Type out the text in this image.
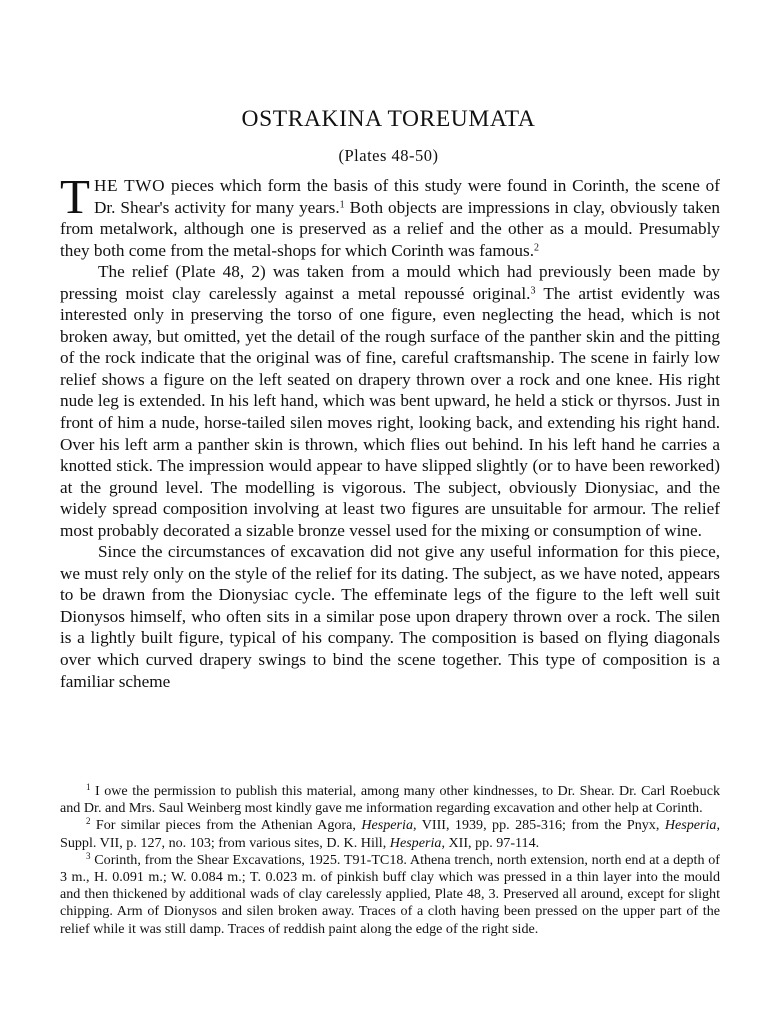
OSTRAKINA TOREUMATA
(Plates 48-50)

THE TWO pieces which form the basis of this study were found in Corinth, the scene of Dr. Shear's activity for many years.$^1$ Both objects are impressions in clay, obviously taken from metalwork, although one is preserved as a relief and the other as a mould. Presumably they both come from the metal-shops for which Corinth was famous.$^2$

The relief (Plate 48, 2) was taken from a mould which had previously been made by pressing moist clay carelessly against a metal repoussé original.$^3$ The artist evidently was interested only in preserving the torso of one figure, even neglecting the head, which is not broken away, but omitted, yet the detail of the rough surface of the panther skin and the pitting of the rock indicate that the original was of fine, careful craftsmanship. The scene in fairly low relief shows a figure on the left seated on drapery thrown over a rock and one knee. His right nude leg is extended. In his left hand, which was bent upward, he held a stick or thyrsos. Just in front of him a nude, horse-tailed silen moves right, looking back, and extending his right hand. Over his left arm a panther skin is thrown, which flies out behind. In his left hand he carries a knotted stick. The impression would appear to have slipped slightly (or to have been reworked) at the ground level. The modelling is vigorous. The subject, obviously Dionysiac, and the widely spread composition involving at least two figures are unsuitable for armour. The relief most probably decorated a sizable bronze vessel used for the mixing or consumption of wine.

Since the circumstances of excavation did not give any useful information for this piece, we must rely only on the style of the relief for its dating. The subject, as we have noted, appears to be drawn from the Dionysiac cycle. The effeminate legs of the figure to the left well suit Dionysos himself, who often sits in a similar pose upon drapery thrown over a rock. The silen is a lightly built figure, typical of his company. The composition is based on flying diagonals over which curved drapery swings to bind the scene together. This type of composition is a familiar scheme

$^1$ I owe the permission to publish this material, among many other kindnesses, to Dr. Shear. Dr. Carl Roebuck and Dr. and Mrs. Saul Weinberg most kindly gave me information regarding excavation and other help at Corinth.

$^2$ For similar pieces from the Athenian Agora, Hesperia, VIII, 1939, pp. 285-316; from the Pnyx, Hesperia, Suppl. VII, p. 127, no. 103; from various sites, D. K. Hill, Hesperia, XII, pp. 97-114.

$^3$ Corinth, from the Shear Excavations, 1925. T91-TC18. Athena trench, north extension, north end at a depth of 3 m., H. 0.091 m.; W. 0.084 m.; T. 0.023 m. of pinkish buff clay which was pressed in a thin layer into the mould and then thickened by additional wads of clay carelessly applied, Plate 48, 3. Preserved all around, except for slight chipping. Arm of Dionysos and silen broken away. Traces of a cloth having been pressed on the upper part of the relief while it was still damp. Traces of reddish paint along the edge of the right side.
